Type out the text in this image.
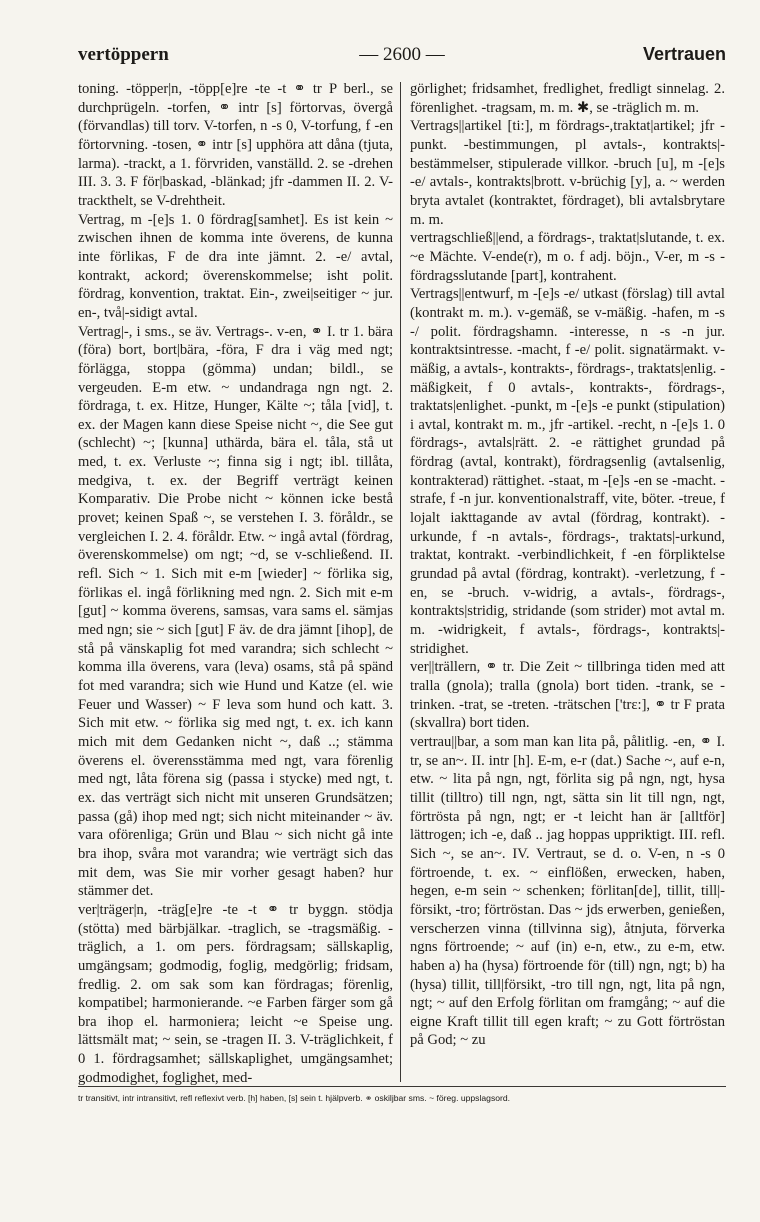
vertöppern	— 2600 —	Vertrauen

toning. -töpper|n, -töpp[e]re -te -t ⚭ tr P berl., se durchprügeln. -torfen, ⚭ intr [s] förtorvas, övergå (förvandlas) till torv. V-torfen, n -s 0, V-torfung, f -en förtorvning. -tosen, ⚭ intr [s] upphöra att dåna (tjuta, larma). -trackt, a 1. förvriden, vanställd. 2. se -drehen III. 3. 3. F för|baskad, -blänkad; jfr -dammen II. 2. V-trackthelt, se V-drehtheit.

Vertrag, m -[e]s 1. 0 fördrag[samhet]. Es ist kein ~ zwischen ihnen de komma inte överens, de kunna inte förlikas, F de dra inte jämnt. 2. -e/ avtal, kontrakt, ackord; överenskommelse; isht polit. fördrag, konvention, traktat. Ein-, zwei|seitiger ~ jur. en-, två|-sidigt avtal.

Vertrag|-, i sms., se äv. Vertrags-. v-en, ⚭ I. tr 1. bära (föra) bort, bort|bära, -föra, F dra i väg med ngt; förlägga, stoppa (gömma) undan; bildl., se vergeuden. E-m etw. ~ undandraga ngn ngt. 2. fördraga, t. ex. Hitze, Hunger, Kälte ~; tåla [vid], t. ex. der Magen kann diese Speise nicht ~, die See gut (schlecht) ~; [kunna] uthärda, bära el. tåla, stå ut med, t. ex. Verluste ~; finna sig i ngt; ibl. tillåta, medgiva, t. ex. der Begriff verträgt keinen Komparativ. Die Probe nicht ~ können icke bestå provet; keinen Spaß ~, se verstehen I. 3. föråldr., se vergleichen I. 2. 4. föråldr. Etw. ~ ingå avtal (fördrag, överenskommelse) om ngt; ~d, se v-schließend. II. refl. Sich ~ 1. Sich mit e-m [wieder] ~ förlika sig, förlikas el. ingå förlikning med ngn. 2. Sich mit e-m [gut] ~ komma överens, samsas, vara sams el. sämjas med ngn; sie ~ sich [gut] F äv. de dra jämnt [ihop], de stå på vänskaplig fot med varandra; sich schlecht ~ komma illa överens, vara (leva) osams, stå på spänd fot med varandra; sich wie Hund und Katze (el. wie Feuer und Wasser) ~ F leva som hund och katt. 3. Sich mit etw. ~ förlika sig med ngt, t. ex. ich kann mich mit dem Gedanken nicht ~, daß ..; stämma överens el. överensstämma med ngt, vara förenlig med ngt, låta förena sig (passa i stycke) med ngt, t. ex. das verträgt sich nicht mit unseren Grundsätzen; passa (gå) ihop med ngt; sich nicht miteinander ~ äv. vara oförenliga; Grün und Blau ~ sich nicht gå inte bra ihop, svåra mot varandra; wie verträgt sich das mit dem, was Sie mir vorher gesagt haben? hur stämmer det.

ver|träger|n, -träg[e]re -te -t ⚭ tr byggn. stödja (stötta) med bärbjälkar. -traglich, se -tragsmäßig. -träglich, a 1. om pers. fördragsam; sällskaplig, umgängsam; godmodig, foglig, medgörlig; fridsam, fredlig. 2. om sak som kan fördragas; förenlig, kompatibel; harmonierande. ~e Farben färger som gå bra ihop el. harmoniera; leicht ~e Speise ung. lättsmält mat; ~ sein, se -tragen II. 3. V-träglichkeit, f 0 1. fördragsamhet; sällskaplighet, umgängsamhet; godmodighet, foglighet, med-

görlighet; fridsamhet, fredlighet, fredligt sinnelag. 2. förenlighet. -tragsam, m. m. ✱, se -träglich m. m.

Vertrags||artikel [ti:], m fördrags-,traktat|artikel; jfr -punkt. -bestimmungen, pl avtals-, kontrakts|-bestämmelser, stipulerade villkor. -bruch [u], m -[e]s -e/ avtals-, kontrakts|brott. v-brüchig [y], a. ~ werden bryta avtalet (kontraktet, fördraget), bli avtalsbrytare m. m.

vertragschließ||end, a fördrags-, traktat|slutande, t. ex. ~e Mächte. V-ende(r), m o. f adj. böjn., V-er, m -s - fördragsslutande [part], kontrahent.

Vertrags||entwurf, m -[e]s -e/ utkast (förslag) till avtal (kontrakt m. m.). v-gemäß, se v-mäßig. -hafen, m -s -/ polit. fördragshamn. -interesse, n -s -n jur. kontraktsintresse. -macht, f -e/ polit. signatärmakt. v-mäßig, a avtals-, kontrakts-, fördrags-, traktats|enlig. -mäßigkeit, f 0 avtals-, kontrakts-, fördrags-, traktats|enlighet. -punkt, m -[e]s -e punkt (stipulation) i avtal, kontrakt m. m., jfr -artikel. -recht, n -[e]s 1. 0 fördrags-, avtals|rätt. 2. -e rättighet grundad på fördrag (avtal, kontrakt), fördragsenlig (avtalsenlig, kontrakterad) rättighet. -staat, m -[e]s -en se -macht. -strafe, f -n jur. konventionalstraff, vite, böter. -treue, f lojalt iakttagande av avtal (fördrag, kontrakt). -urkunde, f -n avtals-, fördrags-, traktats|-urkund, traktat, kontrakt. -verbindlichkeit, f -en förpliktelse grundad på avtal (fördrag, kontrakt). -verletzung, f -en, se -bruch. v-widrig, a avtals-, fördrags-, kontrakts|stridig, stridande (som strider) mot avtal m. m. -widrigkeit, f avtals-, fördrags-, kontrakts|-stridighet.

ver||trällern, ⚭ tr. Die Zeit ~ tillbringa tiden med att tralla (gnola); tralla (gnola) bort tiden. -trank, se -trinken. -trat, se -treten. -trätschen ['trɛ:], ⚭ tr F prata (skvallra) bort tiden.

vertrau||bar, a som man kan lita på, pålitlig. -en, ⚭ I. tr, se an~. II. intr [h]. E-m, e-r (dat.) Sache ~, auf e-n, etw. ~ lita på ngn, ngt, förlita sig på ngn, ngt, hysa tillit (tilltro) till ngn, ngt, sätta sin lit till ngn, ngt, förtrösta på ngn, ngt; er -t leicht han är [alltför] lättrogen; ich -e, daß .. jag hoppas uppriktigt. III. refl. Sich ~, se an~. IV. Vertraut, se d. o. V-en, n -s 0 förtroende, t. ex. ~ einflößen, erwecken, haben, hegen, e-m sein ~ schenken; förlitan[de], tillit, till|-försikt, -tro; förtröstan. Das ~ jds erwerben, genießen, verscherzen vinna (tillvinna sig), åtnjuta, förverka ngns förtroende; ~ auf (in) e-n, etw., zu e-m, etw. haben a) ha (hysa) förtroende för (till) ngn, ngt; b) ha (hysa) tillit, till|försikt, -tro till ngn, ngt, lita på ngn, ngt; ~ auf den Erfolg förlitan om framgång; ~ auf die eigne Kraft tillit till egen kraft; ~ zu Gott förtröstan på God; ~ zu

tr transitivt, intr intransitivt, refl reflexivt verb. [h] haben, [s] sein t. hjälpverb. ⚭ oskiljbar sms. ~ föreg. uppslagsord.
